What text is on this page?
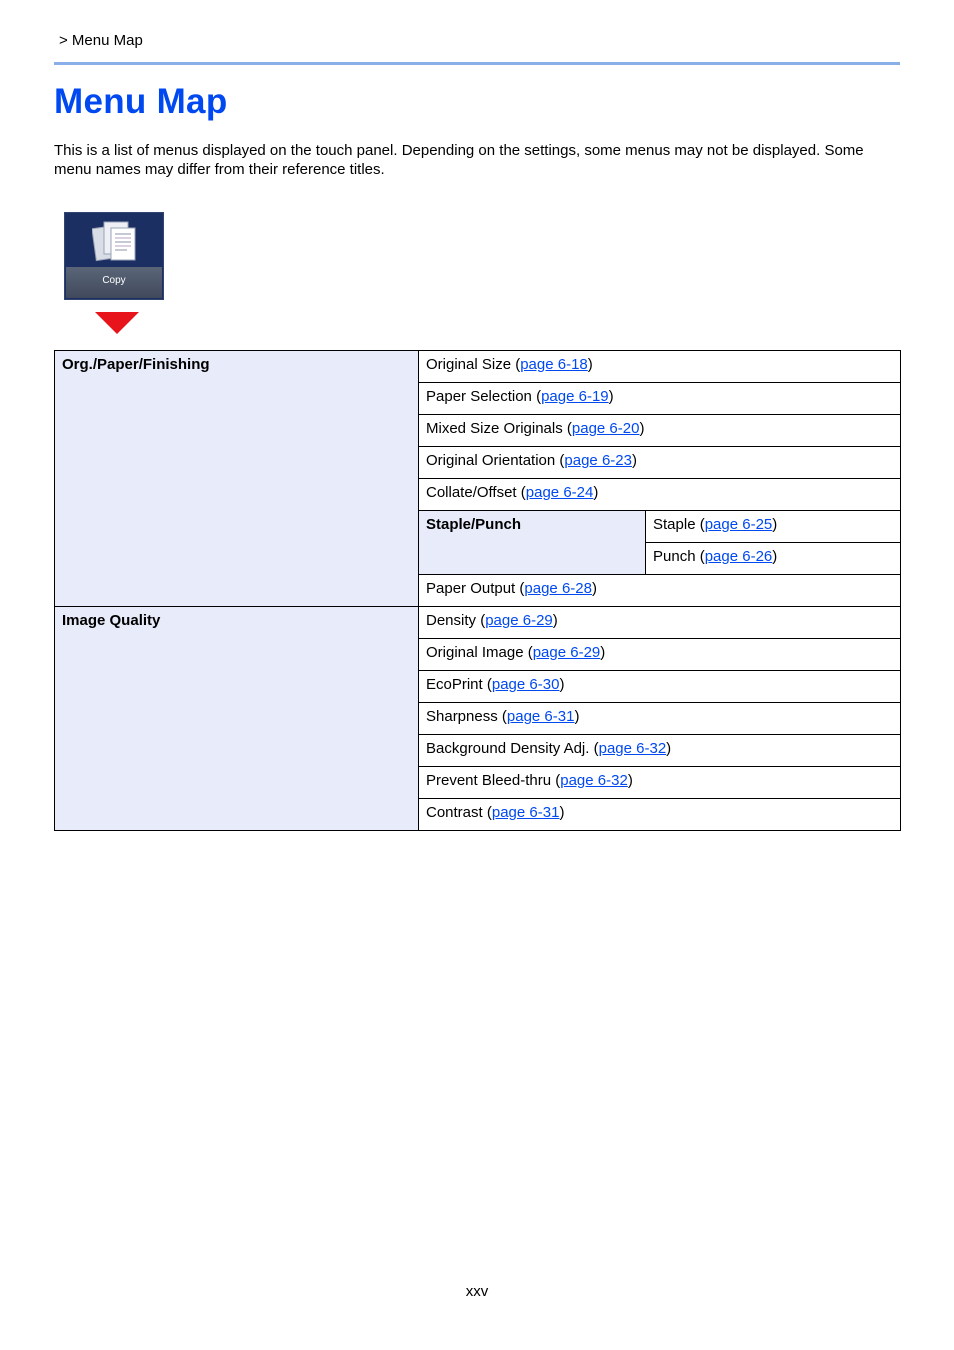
> Menu Map
Menu Map

This is a list of menus displayed on the touch panel. Depending on the settings, some menus may not be displayed. Some menu names may differ from their reference titles.

Copy
Org./Paper/Finishing	Original Size (page 6-18)	
	Paper Selection (page 6-19)	
	Mixed Size Originals (page 6-20)	
	Original Orientation (page 6-23)	
	Collate/Offset (page 6-24)	
	Staple/Punch	Staple (page 6-25)
		Punch (page 6-26)
	Paper Output (page 6-28)	
Image Quality	Density (page 6-29)	
	Original Image (page 6-29)	
	EcoPrint (page 6-30)	
	Sharpness (page 6-31)	
	Background Density Adj. (page 6-32)	
	Prevent Bleed-thru (page 6-32)	
	Contrast (page 6-31)	
xxv
